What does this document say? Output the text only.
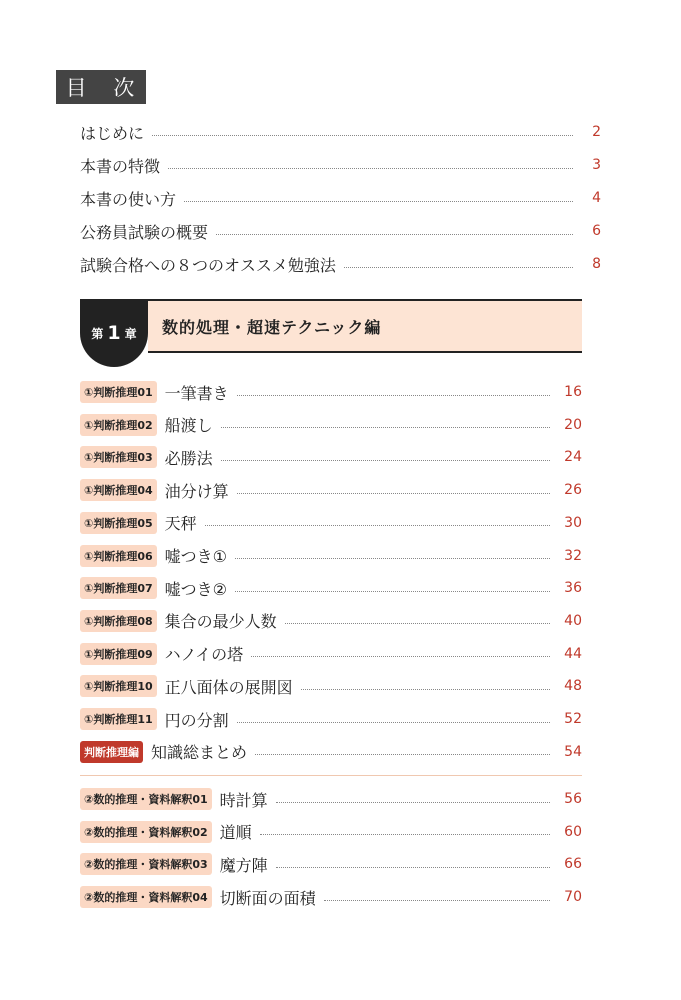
目 次
はじめに	2
本書の特徴	3
本書の使い方	4
公務員試験の概要	6
試験合格への８つのオススメ勉強法	8
第 1 章 数的処理・超速テクニック編
①判断推理01 一筆書き	16
①判断推理02 船渡し	20
①判断推理03 必勝法	24
①判断推理04 油分け算	26
①判断推理05 天秤	30
①判断推理06 嘘つき①	32
①判断推理07 嘘つき②	36
①判断推理08 集合の最少人数	40
①判断推理09 ハノイの塔	44
①判断推理10 正八面体の展開図	48
①判断推理11 円の分割	52
判断推理編 知識総まとめ	54
②数的推理・資料解釈01 時計算	56
②数的推理・資料解釈02 道順	60
②数的推理・資料解釈03 魔方陣	66
②数的推理・資料解釈04 切断面の面積	70
